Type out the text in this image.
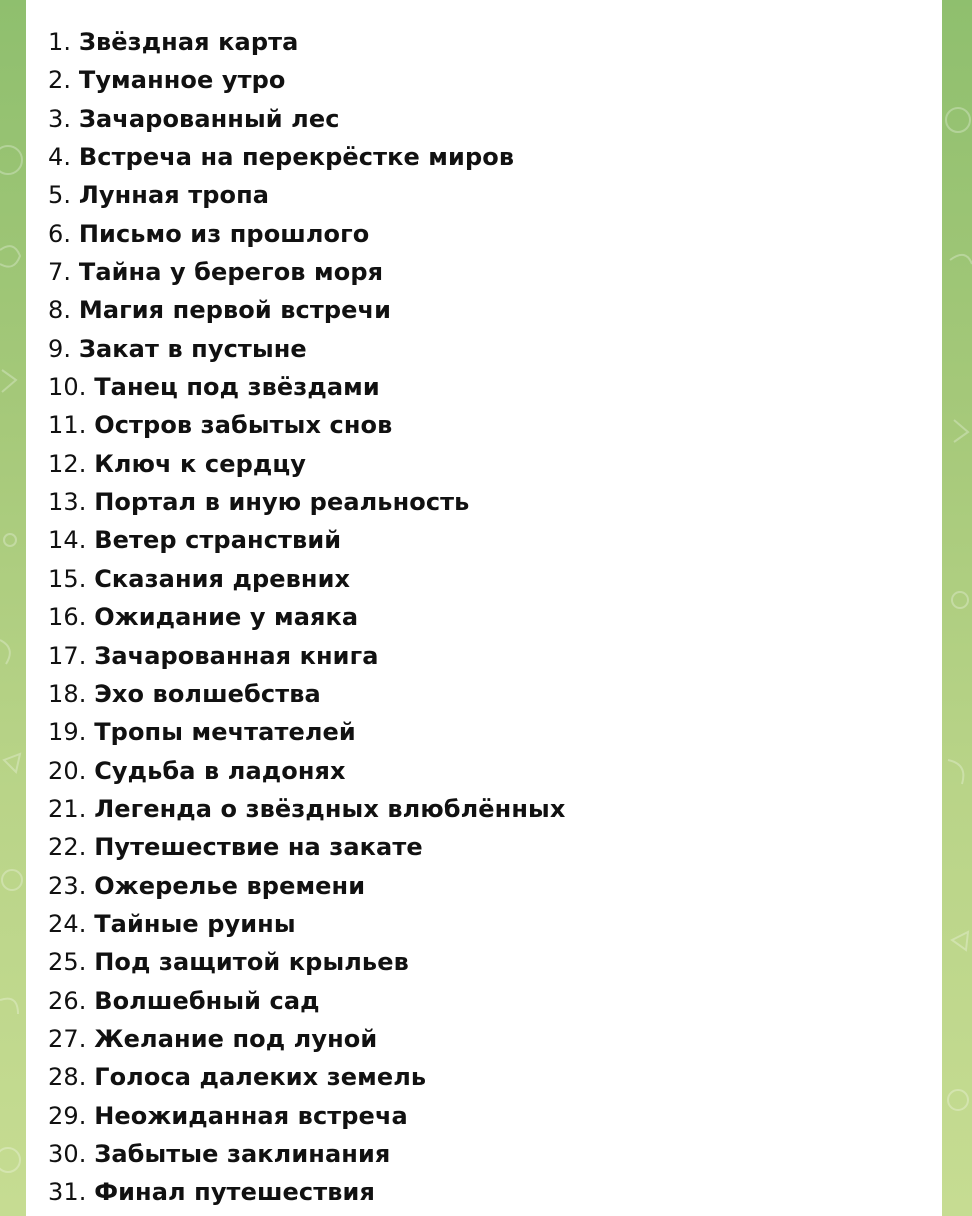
1. Звёздная карта
2. Туманное утро
3. Зачарованный лес
4. Встреча на перекрёстке миров
5. Лунная тропа
6. Письмо из прошлого
7. Тайна у берегов моря
8. Магия первой встречи
9. Закат в пустыне
10. Танец под звёздами
11. Остров забытых снов
12. Ключ к сердцу
13. Портал в иную реальность
14. Ветер странствий
15. Сказания древних
16. Ожидание у маяка
17. Зачарованная книга
18. Эхо волшебства
19. Тропы мечтателей
20. Судьба в ладонях
21. Легенда о звёздных влюблённых
22. Путешествие на закате
23. Ожерелье времени
24. Тайные руины
25. Под защитой крыльев
26. Волшебный сад
27. Желание под луной
28. Голоса далеких земель
29. Неожиданная встреча
30. Забытые заклинания
31. Финал путешествия
